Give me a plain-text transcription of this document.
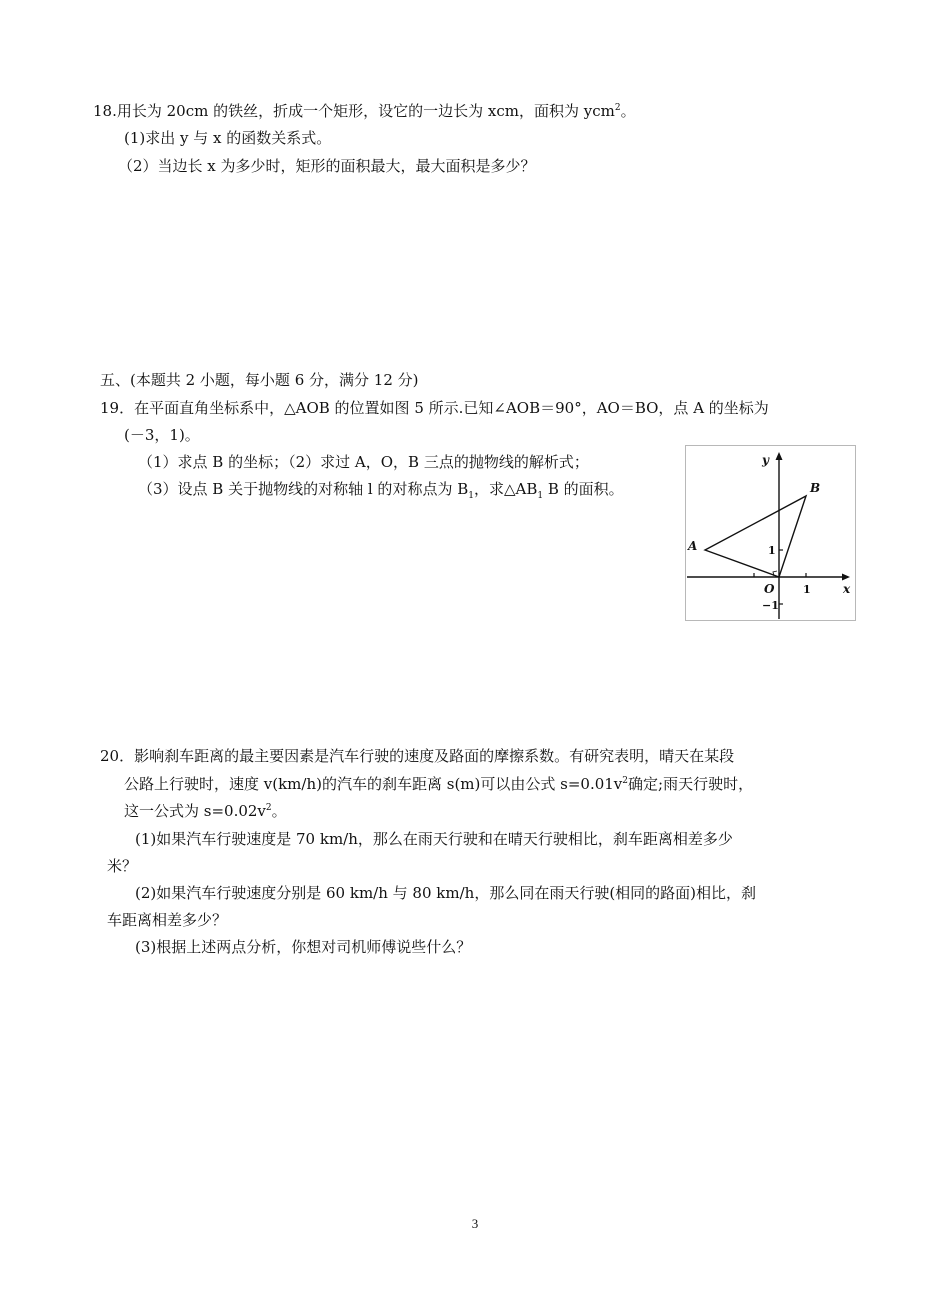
18.用长为 20cm 的铁丝，折成一个矩形，设它的一边长为 xcm，面积为 ycm$^2$。
(1)求出 y 与 x 的函数关系式。
（2）当边长 x 为多少时，矩形的面积最大，最大面积是多少？
五、(本题共 2 小题，每小题 6 分，满分 12 分)
19．在平面直角坐标系中，△AOB 的位置如图 5 所示.已知∠AOB＝90°，AO＝BO，点 A 的坐标为
(－3，1)。
（1）求点 B 的坐标；（2）求过 A，O，B 三点的抛物线的解析式；
（3）设点 B 关于抛物线的对称轴 l 的对称点为 $B_1$，求$\triangle AB_1$ B 的面积。
y
x
A
B
O
1
1
−1
20．影响刹车距离的最主要因素是汽车行驶的速度及路面的摩擦系数。有研究表明，晴天在某段
公路上行驶时，速度 v(km/h)的汽车的刹车距离 s(m)可以由公式 $s=0.01v^2$确定;雨天行驶时，
这一公式为 $s=0.02v^2$。
(1)如果汽车行驶速度是 70 km/h，那么在雨天行驶和在晴天行驶相比，刹车距离相差多少
米？
(2)如果汽车行驶速度分别是 60 km/h 与 80 km/h，那么同在雨天行驶(相同的路面)相比，刹
车距离相差多少？
(3)根据上述两点分析，你想对司机师傅说些什么？
3
